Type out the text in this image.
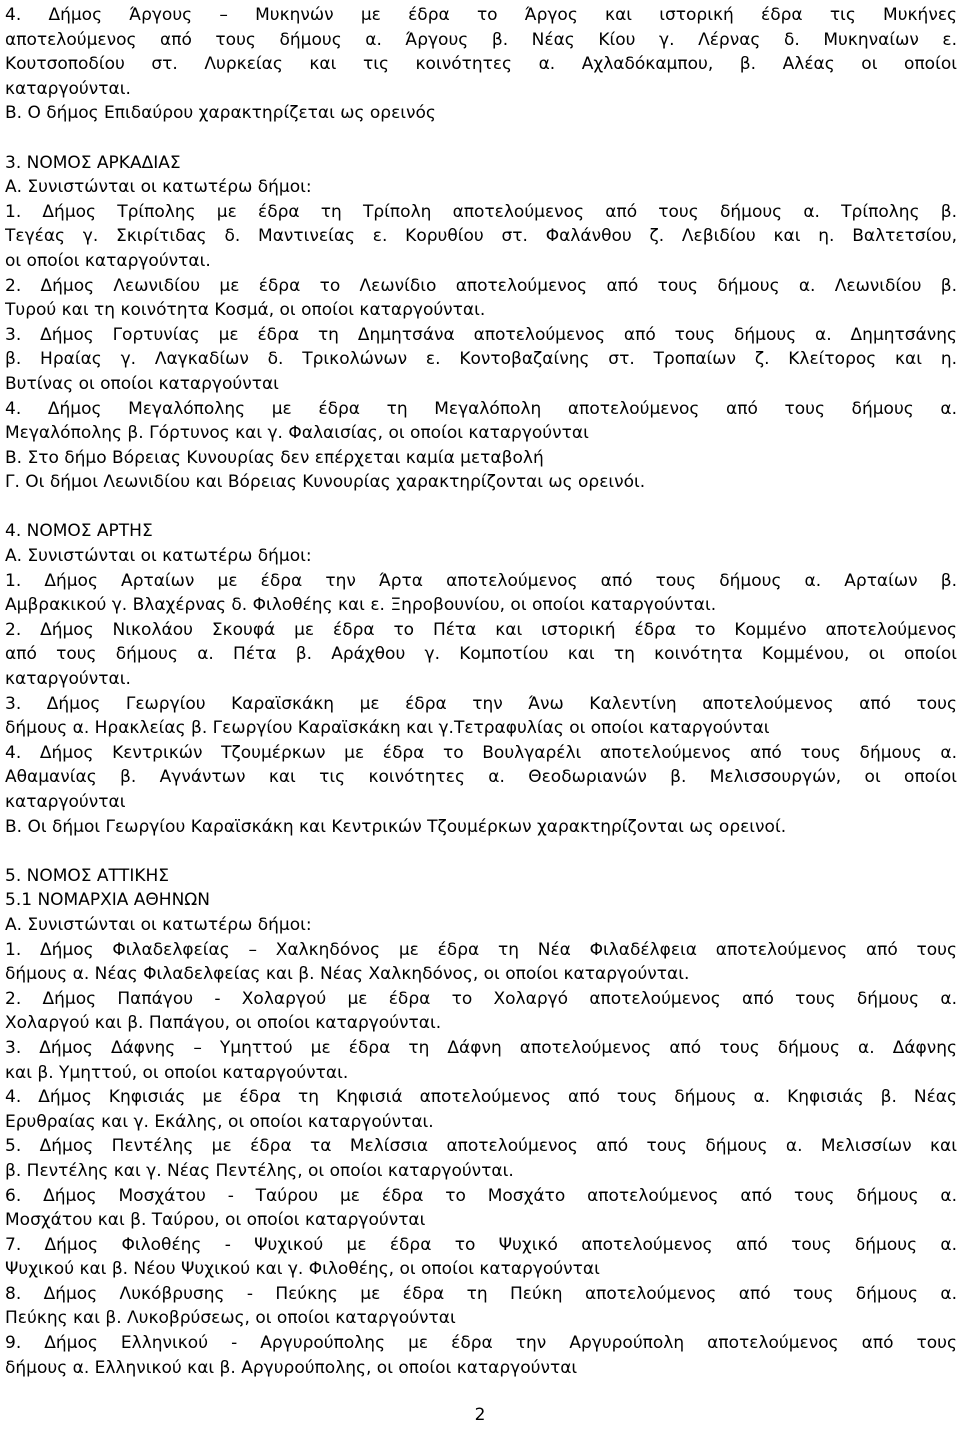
4. Δήμος Άργους – Μυκηνών με έδρα το Άργος και ιστορική έδρα τις Μυκήνες
αποτελούμενος από τους δήμους α. Άργους β. Νέας Κίου γ. Λέρνας δ. Μυκηναίων ε.
Κουτσοποδίου στ. Λυρκείας και τις κοινότητες α. Αχλαδόκαμπου, β. Αλέας οι οποίοι
καταργούνται.
Β. Ο δήμος Επιδαύρου χαρακτηρίζεται ως ορεινός
3. ΝΟΜΟΣ ΑΡΚΑΔΙΑΣ
Α. Συνιστώνται οι κατωτέρω δήμοι:
1. Δήμος Τρίπολης με έδρα τη Τρίπολη αποτελούμενος από τους δήμους α. Τρίπολης β.
Τεγέας γ. Σκιρίτιδας δ. Μαντινείας ε. Κορυθίου στ. Φαλάνθου ζ. Λεβιδίου και η. Βαλτετσίου,
οι οποίοι καταργούνται.
2. Δήμος Λεωνιδίου με έδρα το Λεωνίδιο αποτελούμενος από τους δήμους α. Λεωνιδίου β.
Τυρού και τη κοινότητα Κοσμά, οι οποίοι καταργούνται.
3. Δήμος Γορτυνίας με έδρα τη Δημητσάνα αποτελούμενος από τους δήμους α. Δημητσάνης
β. Ηραίας γ. Λαγκαδίων δ. Τρικολώνων ε. Κοντοβαζαίνης στ. Τροπαίων ζ. Κλείτορος και η.
Βυτίνας οι οποίοι καταργούνται
4. Δήμος Μεγαλόπολης με έδρα τη Μεγαλόπολη αποτελούμενος από τους δήμους α.
Μεγαλόπολης β. Γόρτυνος και γ. Φαλαισίας, οι οποίοι καταργούνται
Β. Στο δήμο Βόρειας Κυνουρίας δεν επέρχεται καμία μεταβολή
Γ. Οι δήμοι Λεωνιδίου και Βόρειας Κυνουρίας χαρακτηρίζονται ως ορεινόι.
4. ΝΟΜΟΣ ΑΡΤΗΣ
Α. Συνιστώνται οι κατωτέρω δήμοι:
1. Δήμος Αρταίων με έδρα την Άρτα αποτελούμενος από τους δήμους α. Αρταίων β.
Αμβρακικού γ. Βλαχέρνας δ. Φιλοθέης και ε. Ξηροβουνίου, οι οποίοι καταργούνται.
2. Δήμος Νικολάου Σκουφά με έδρα το Πέτα και ιστορική έδρα το Κομμένο αποτελούμενος
από τους δήμους α. Πέτα β. Αράχθου γ. Κομποτίου και τη κοινότητα Κομμένου, οι οποίοι
καταργούνται.
3. Δήμος Γεωργίου Καραϊσκάκη με έδρα την Άνω Καλεντίνη αποτελούμενος από τους
δήμους α. Ηρακλείας β. Γεωργίου Καραϊσκάκη και γ.Τετραφυλίας οι οποίοι καταργούνται
4. Δήμος Κεντρικών Τζουμέρκων με έδρα το Βουλγαρέλι αποτελούμενος από τους δήμους α.
Αθαμανίας β. Αγνάντων και τις κοινότητες α. Θεοδωριανών β. Μελισσουργών, οι οποίοι
καταργούνται
Β. Οι δήμοι Γεωργίου Καραϊσκάκη και Κεντρικών Τζουμέρκων χαρακτηρίζονται ως ορεινοί.
5. ΝΟΜΟΣ ΑΤΤΙΚΗΣ
5.1 ΝΟΜΑΡΧΙΑ ΑΘΗΝΩΝ
Α. Συνιστώνται οι κατωτέρω δήμοι:
1. Δήμος Φιλαδελφείας – Χαλκηδόνος με έδρα τη Νέα Φιλαδέλφεια αποτελούμενος από τους
δήμους α. Νέας Φιλαδελφείας και β. Νέας Χαλκηδόνος, οι οποίοι καταργούνται.
2. Δήμος Παπάγου - Χολαργού με έδρα το Χολαργό αποτελούμενος από τους δήμους α.
Χολαργού και β. Παπάγου, οι οποίοι καταργούνται.
3. Δήμος Δάφνης – Υμηττού με έδρα τη Δάφνη αποτελούμενος από τους δήμους α. Δάφνης
και β. Υμηττού, οι οποίοι καταργούνται.
4. Δήμος Κηφισιάς με έδρα τη Κηφισιά αποτελούμενος από τους δήμους α. Κηφισιάς β. Νέας
Ερυθραίας και γ. Εκάλης, οι οποίοι καταργούνται.
5. Δήμος Πεντέλης με έδρα τα Μελίσσια αποτελούμενος από τους δήμους α. Μελισσίων και
β. Πεντέλης και γ. Νέας Πεντέλης, οι οποίοι καταργούνται.
6. Δήμος Μοσχάτου - Ταύρου με έδρα το Μοσχάτο αποτελούμενος από τους δήμους α.
Μοσχάτου και β. Ταύρου, οι οποίοι καταργούνται
7. Δήμος Φιλοθέης - Ψυχικού με έδρα το Ψυχικό αποτελούμενος από τους δήμους α.
Ψυχικού και β. Νέου Ψυχικού και γ. Φιλοθέης, οι οποίοι καταργούνται
8. Δήμος Λυκόβρυσης - Πεύκης με έδρα τη Πεύκη αποτελούμενος από τους δήμους α.
Πεύκης και β. Λυκοβρύσεως, οι οποίοι καταργούνται
9. Δήμος Ελληνικού - Αργυρούπολης με έδρα την Αργυρούπολη αποτελούμενος από τους
δήμους α. Ελληνικού και β. Αργυρούπολης, οι οποίοι καταργούνται
2
